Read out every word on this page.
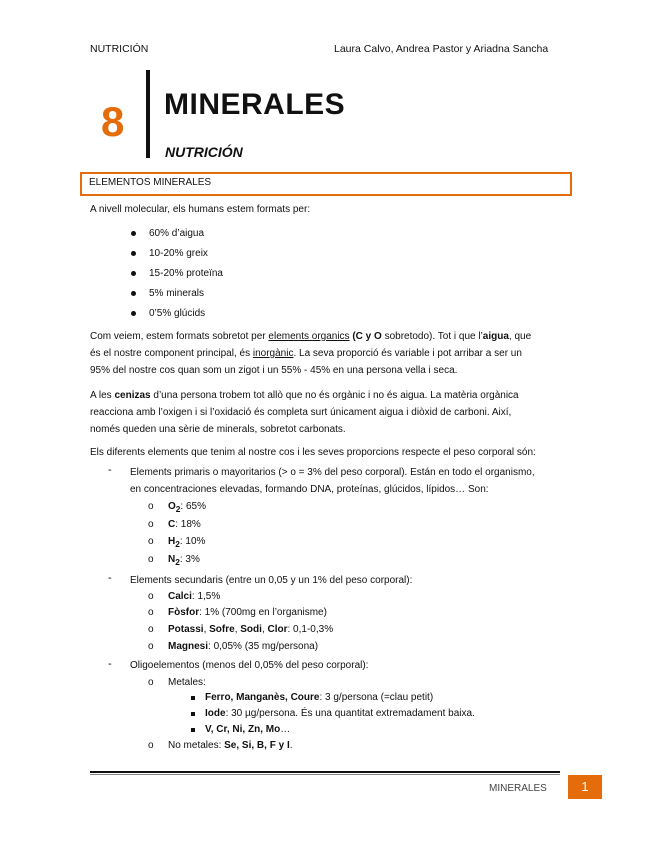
NUTRICIÓN	Laura Calvo, Andrea Pastor y Ariadna Sancha
8 MINERALES
NUTRICIÓN
ELEMENTOS MINERALES
A nivell molecular, els humans estem formats per:
60% d’aigua
10-20% greix
15-20% proteïna
5% minerals
0’5% glúcids
Com veiem, estem formats sobretot per elements organics (C y O sobretodo). Tot i que l’aigua, que
és el nostre component principal, és inorgànic. La seva proporció és variable i pot arribar a ser un
95% del nostre cos quan som un zigot i un 55% - 45% en una persona vella i seca.
A les cenizas d’una persona trobem tot allò que no és orgànic i no és aigua. La matèria orgànica
reacciona amb l’oxigen i si l’oxidació és completa surt únicament aigua i diòxid de carboni. Així,
només queden una sèrie de minerals, sobretot carbonats.
Els diferents elements que tenim al nostre cos i les seves proporcions respecte el peso corporal són:
- Elements primaris o mayoritarios (> o = 3% del peso corporal). Están en todo el organismo,
en concentraciones elevadas, formando DNA, proteínas, glúcidos, lípidos… Son:
o $O_2$: 65%
o C: 18%
o $H_2$: 10%
o $N_2$: 3%
- Elements secundaris (entre un 0,05 y un 1% del peso corporal):
o Calci: 1,5%
o Fòsfor: 1% (700mg en l’organisme)
o Potassi, Sofre, Sodi, Clor: 0,1-0,3%
o Magnesi: 0,05% (35 mg/persona)
- Oligoelementos (menos del 0,05% del peso corporal):
o Metales:
Ferro, Manganès, Coure: 3 g/persona (=clau petit)
Iode: 30 µg/persona. És una quantitat extremadament baixa.
V, Cr, Ni, Zn, Mo…
o No metales: Se, Si, B, F y I.
MINERALES	1
